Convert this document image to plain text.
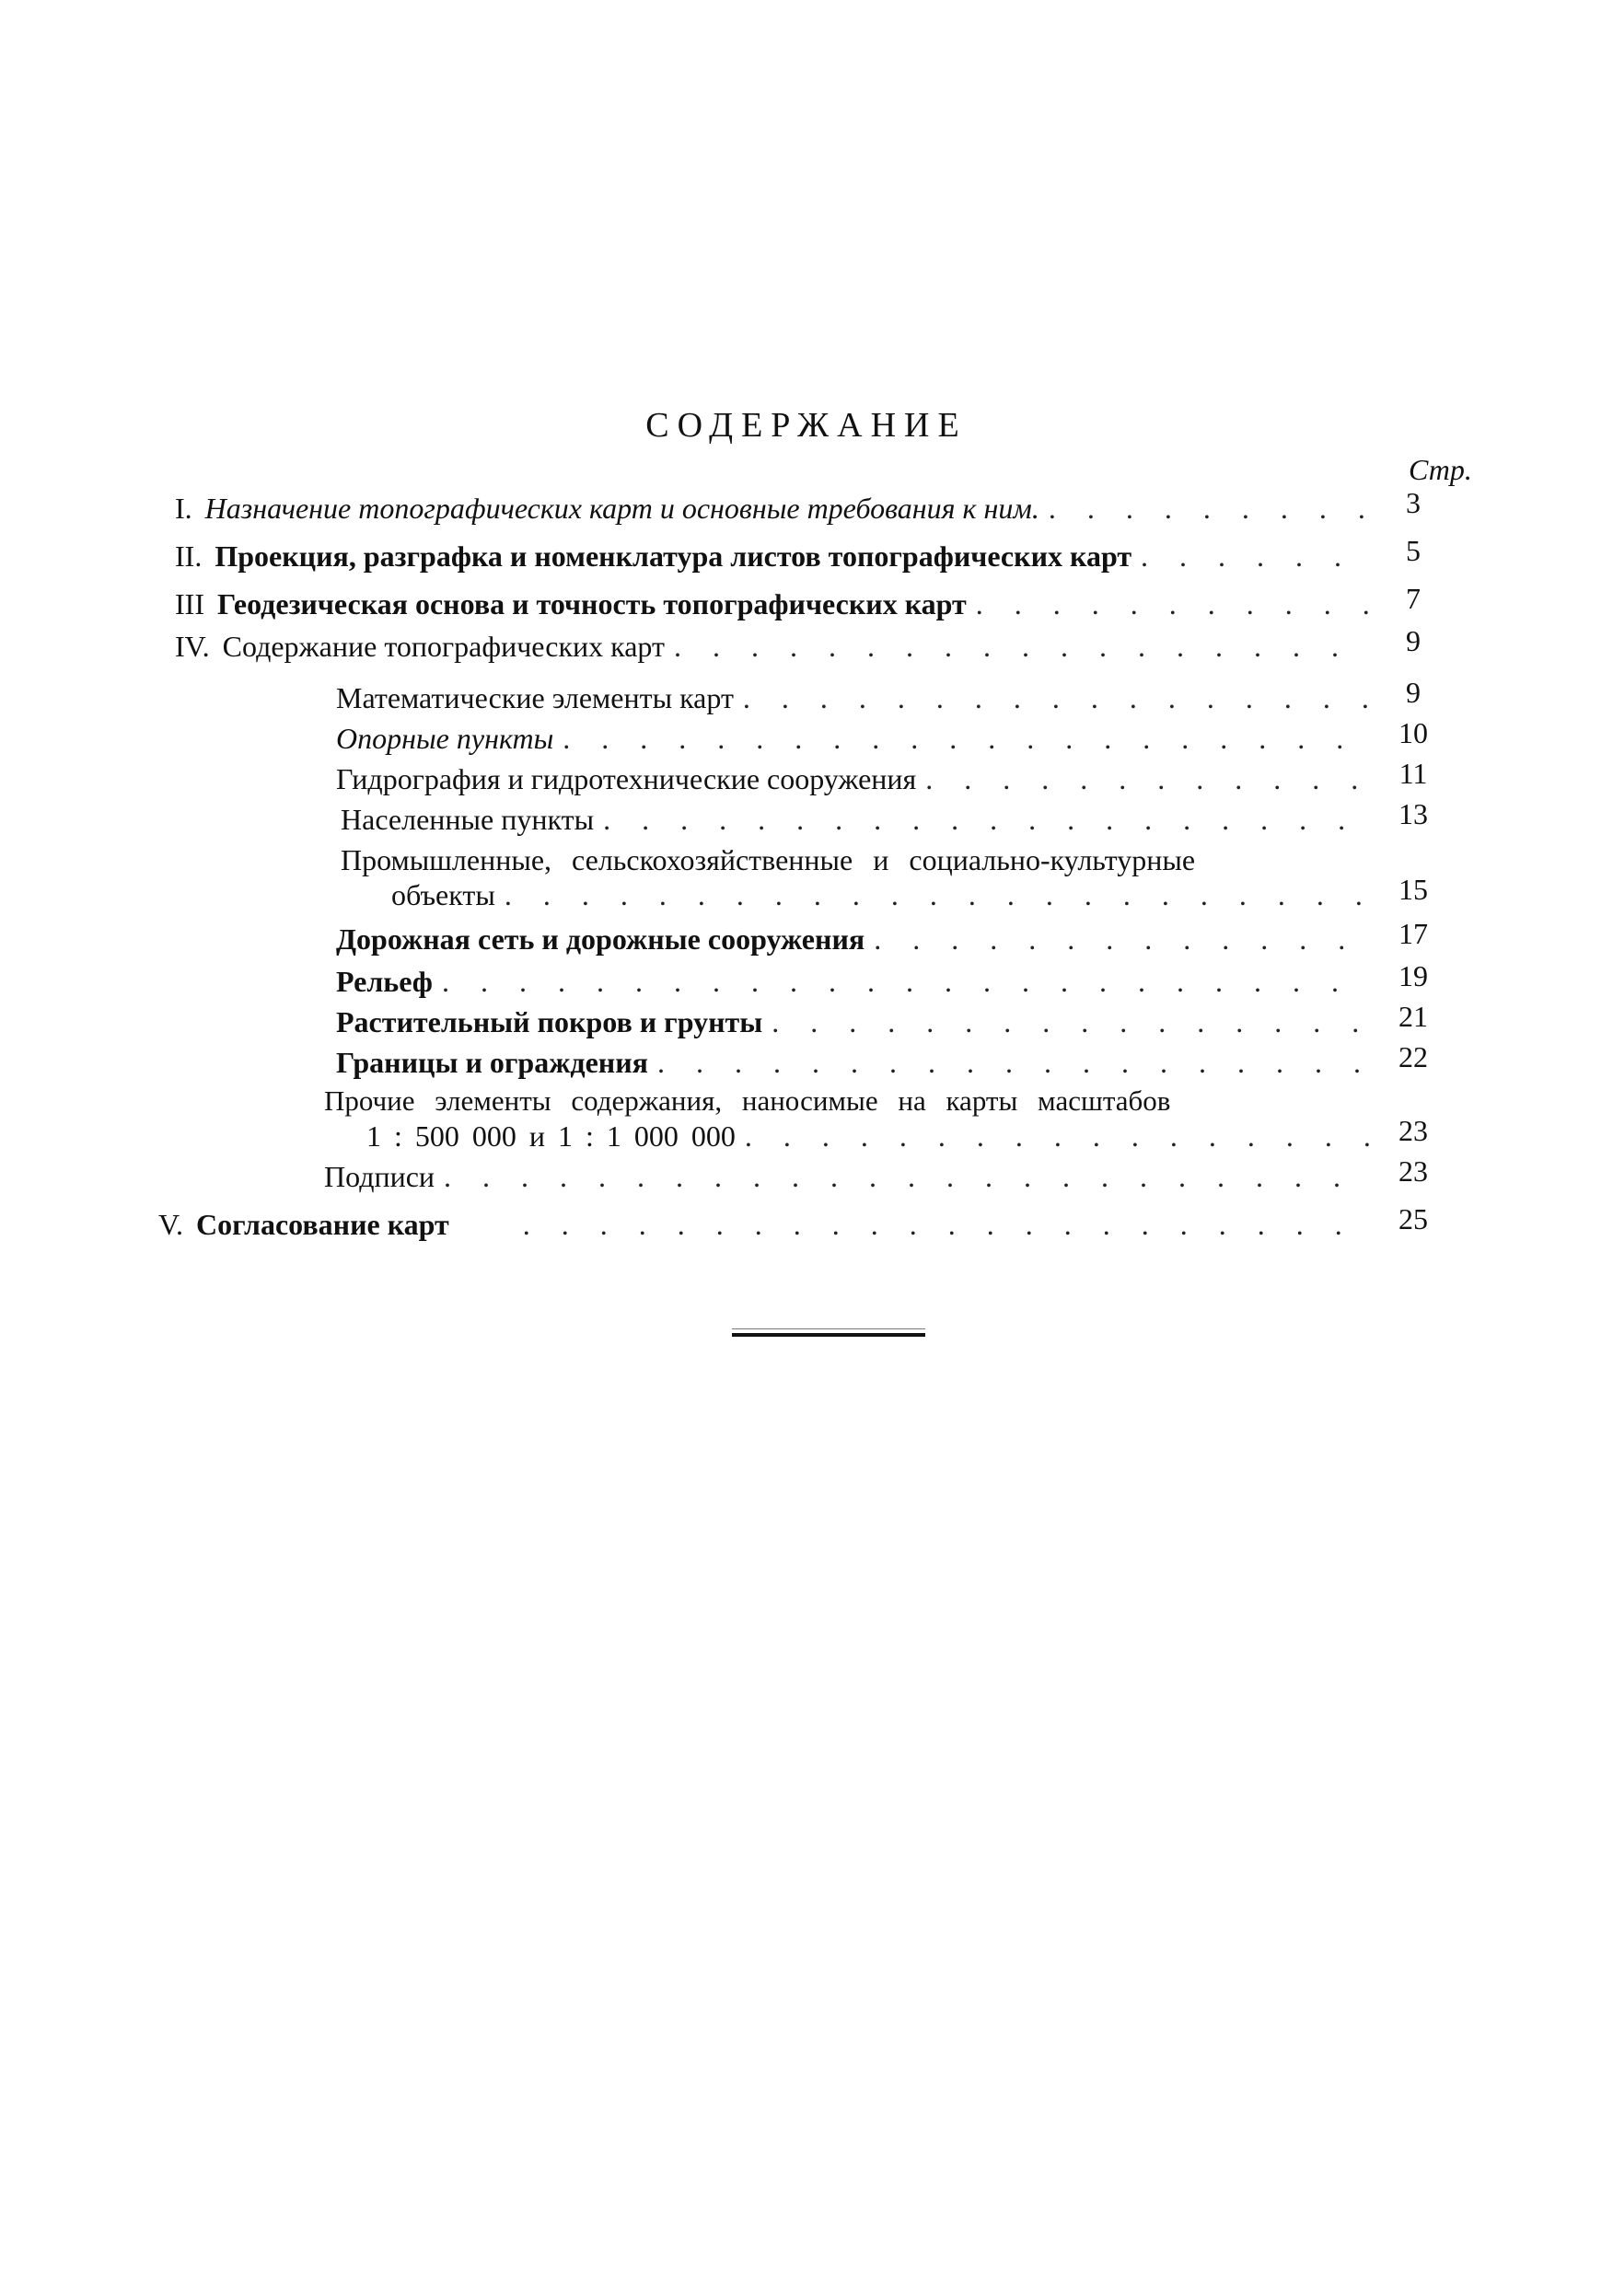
СОДЕРЖАНИЕ
Стр.
I. Назначение топографических карт и основные требования к ним. . . .	3
II. Проекция, разграфка и номенклатура листов топографических карт . . .	5
III Геодезическая основа и точность топографических карт . . .	7
IV. Содержание топографических карт . . .	9
Математические элементы карт . . .	9
Опорные пункты . . .	10
Гидрография и гидротехнические сооружения . . .	11
Населенные пункты . . .	13
Промышленные, сельскохозяйственные и социально-культурные
объекты . . .	15
Дорожная сеть и дорожные сооружения . . .	17
Рельеф . . .	19
Растительный покров и грунты . . .	21
Границы и ограждения . . .	22
Прочие элементы содержания, наносимые на карты масштабов
1 : 500 000 и 1 : 1 000 000 . . .	23
Подписи . . .	23
V. Согласование карт . . .	25
